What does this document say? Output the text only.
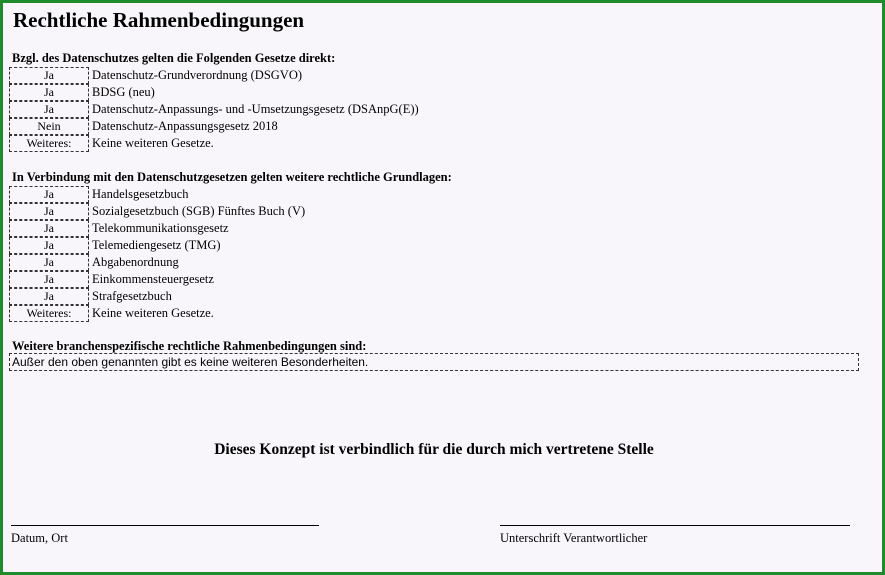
Rechtliche Rahmenbedingungen
Bzgl. des Datenschutzes gelten die Folgenden Gesetze direkt:
Ja	Datenschutz-Grundverordnung (DSGVO)
Ja	BDSG (neu)
Ja	Datenschutz-Anpassungs- und -Umsetzungsgesetz (DSAnpG(E))
Nein	Datenschutz-Anpassungsgesetz 2018
Weiteres:	Keine weiteren Gesetze.
In Verbindung mit den Datenschutzgesetzen gelten weitere rechtliche Grundlagen:
Ja	Handelsgesetzbuch
Ja	Sozialgesetzbuch (SGB) Fünftes Buch (V)
Ja	Telekommunikationsgesetz
Ja	Telemediengesetz (TMG)
Ja	Abgabenordnung
Ja	Einkommensteuergesetz
Ja	Strafgesetzbuch
Weiteres:	Keine weiteren Gesetze.
Weitere branchenspezifische rechtliche Rahmenbedingungen sind:
Außer den oben genannten gibt es keine weiteren Besonderheiten.
Dieses Konzept ist verbindlich für die durch mich vertretene Stelle
Datum, Ort	Unterschrift Verantwortlicher
